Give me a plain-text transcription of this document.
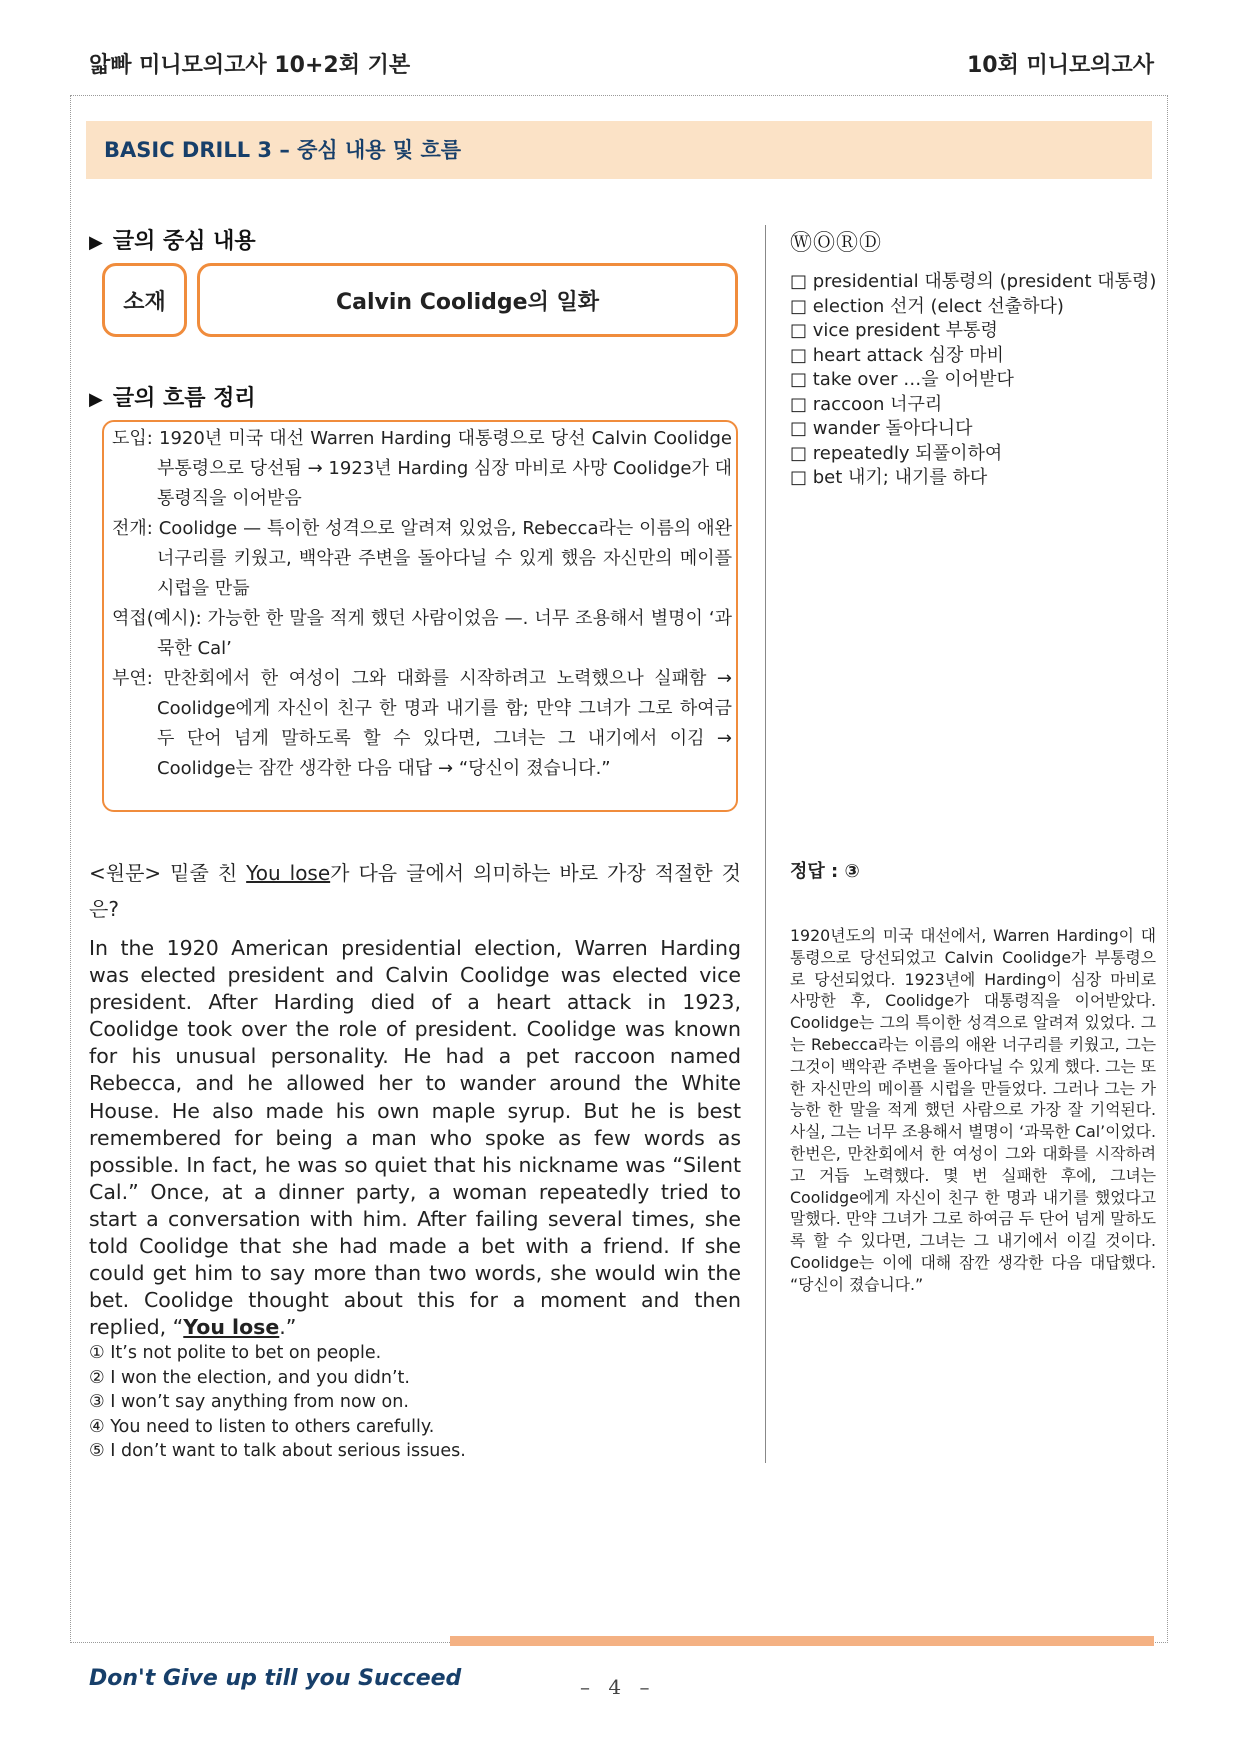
앏빠 미니모의고사 10+2회 기본	10회 미니모의고사
BASIC DRILL 3 – 중심 내용 및 흐름
▶ 글의 중심 내용
소재	Calvin Coolidge의 일화
▶ 글의 흐름 정리
도입: 1920년 미국 대선 Warren Harding 대통령으로 당선 Calvin Coolidge 부통령으로 당선됨 → 1923년 Harding 심장 마비로 사망 Coolidge가 대통령직을 이어받음
전개: Coolidge — 특이한 성격으로 알려져 있었음, Rebecca라는 이름의 애완 너구리를 키웠고, 백악관 주변을 돌아다닐 수 있게 했음 자신만의 메이플 시럽을 만듦
역접(예시): 가능한 한 말을 적게 했던 사람이었음 —. 너무 조용해서 별명이 ‘과묵한 Cal’
부연: 만찬회에서 한 여성이 그와 대화를 시작하려고 노력했으나 실패함 → Coolidge에게 자신이 친구 한 명과 내기를 함; 만약 그녀가 그로 하여금 두 단어 넘게 말하도록 할 수 있다면, 그녀는 그 내기에서 이김 → Coolidge는 잠깐 생각한 다음 대답 → “당신이 졌습니다.”
ⓌⓄⓇⒹ
□ presidential 대통령의 (president 대통령)
□ election 선거 (elect 선출하다)
□ vice president 부통령
□ heart attack 심장 마비
□ take over …을 이어받다
□ raccoon 너구리
□ wander 돌아다니다
□ repeatedly 되풀이하여
□ bet 내기; 내기를 하다
<원문> 밑줄 친 You lose가 다음 글에서 의미하는 바로 가장 적절한 것은?
In the 1920 American presidential election, Warren Harding was elected president and Calvin Coolidge was elected vice president. After Harding died of a heart attack in 1923, Coolidge took over the role of president. Coolidge was known for his unusual personality. He had a pet raccoon named Rebecca, and he allowed her to wander around the White House. He also made his own maple syrup. But he is best remembered for being a man who spoke as few words as possible. In fact, he was so quiet that his nickname was “Silent Cal.” Once, at a dinner party, a woman repeatedly tried to start a conversation with him. After failing several times, she told Coolidge that she had made a bet with a friend. If she could get him to say more than two words, she would win the bet. Coolidge thought about this for a moment and then replied, “You lose.”
① It’s not polite to bet on people.
② I won the election, and you didn’t.
③ I won’t say anything from now on.
④ You need to listen to others carefully.
⑤ I don’t want to talk about serious issues.
정답 : ③
1920년도의 미국 대선에서, Warren Harding이 대통령으로 당선되었고 Calvin Coolidge가 부통령으로 당선되었다. 1923년에 Harding이 심장 마비로 사망한 후, Coolidge가 대통령직을 이어받았다. Coolidge는 그의 특이한 성격으로 알려져 있었다. 그는 Rebecca라는 이름의 애완 너구리를 키웠고, 그는 그것이 백악관 주변을 돌아다닐 수 있게 했다. 그는 또한 자신만의 메이플 시럽을 만들었다. 그러나 그는 가능한 한 말을 적게 했던 사람으로 가장 잘 기억된다. 사실, 그는 너무 조용해서 별명이 ‘과묵한 Cal’이었다. 한번은, 만찬회에서 한 여성이 그와 대화를 시작하려고 거듭 노력했다. 몇 번 실패한 후에, 그녀는 Coolidge에게 자신이 친구 한 명과 내기를 했었다고 말했다. 만약 그녀가 그로 하여금 두 단어 넘게 말하도록 할 수 있다면, 그녀는 그 내기에서 이길 것이다. Coolidge는 이에 대해 잠깐 생각한 다음 대답했다. “당신이 졌습니다.”
Don't Give up till you Succeed	– 4 –
